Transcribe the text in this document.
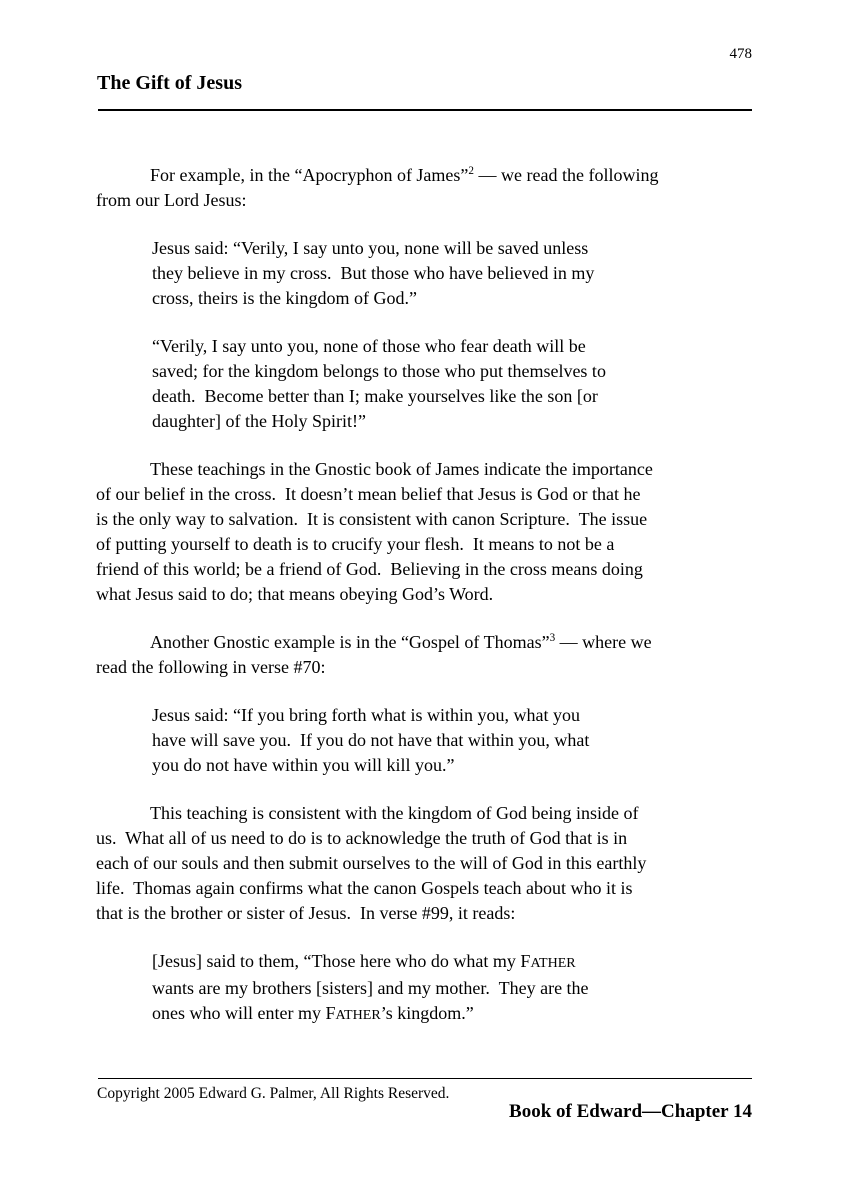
478
The Gift of Jesus
For example, in the “Apocryphon of James”$^2$ — we read the following
from our Lord Jesus:
Jesus said: “Verily, I say unto you, none will be saved unless
they believe in my cross.  But those who have believed in my
cross, theirs is the kingdom of God.”
“Verily, I say unto you, none of those who fear death will be
saved; for the kingdom belongs to those who put themselves to
death.  Become better than I; make yourselves like the son [or
daughter] of the Holy Spirit!”
These teachings in the Gnostic book of James indicate the importance
of our belief in the cross.  It doesn’t mean belief that Jesus is God or that he
is the only way to salvation.  It is consistent with canon Scripture.  The issue
of putting yourself to death is to crucify your flesh.  It means to not be a
friend of this world; be a friend of God.  Believing in the cross means doing
what Jesus said to do; that means obeying God’s Word.
Another Gnostic example is in the “Gospel of Thomas”$^3$ — where we
read the following in verse #70:
Jesus said: “If you bring forth what is within you, what you
have will save you.  If you do not have that within you, what
you do not have within you will kill you.”
This teaching is consistent with the kingdom of God being inside of
us.  What all of us need to do is to acknowledge the truth of God that is in
each of our souls and then submit ourselves to the will of God in this earthly
life.  Thomas again confirms what the canon Gospels teach about who it is
that is the brother or sister of Jesus.  In verse #99, it reads:
[Jesus] said to them, “Those here who do what my FATHER
wants are my brothers [sisters] and my mother.  They are the
ones who will enter my FATHER’s kingdom.”
Copyright 2005 Edward G. Palmer, All Rights Reserved.
Book of Edward—Chapter 14
